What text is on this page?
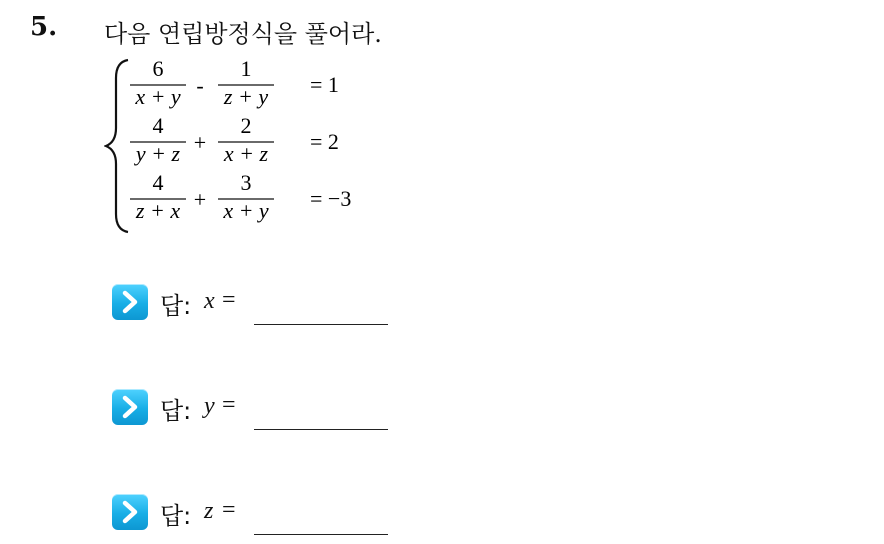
5. 다음 연립방정식을 풀어라.
6
x + y -
1
z + y = 1
4
y + z +
2
x + z = 2
4
z + x +
3
x + y = −3
답: x =
답: y =
답: z =
